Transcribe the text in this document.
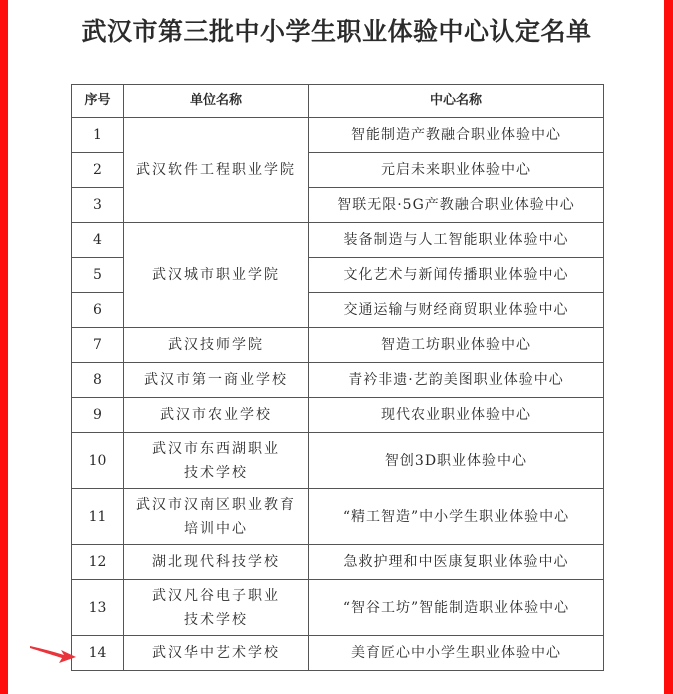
武汉市第三批中小学生职业体验中心认定名单
序号	单位名称	中心名称
1	武汉软件工程职业学院	智能制造产教融合职业体验中心
2		元启未来职业体验中心
3		智联无限·5G产教融合职业体验中心
4	武汉城市职业学院	装备制造与人工智能职业体验中心
5		文化艺术与新闻传播职业体验中心
6		交通运输与财经商贸职业体验中心
7	武汉技师学院	智造工坊职业体验中心
8	武汉市第一商业学校	青衿非遗·艺韵美图职业体验中心
9	武汉市农业学校	现代农业职业体验中心
10	武汉市东西湖职业
技术学校	智创3D职业体验中心
11	武汉市汉南区职业教育
培训中心	“精工智造”中小学生职业体验中心
12	湖北现代科技学校	急救护理和中医康复职业体验中心
13	武汉凡谷电子职业
技术学校	“智谷工坊”智能制造职业体验中心
14	武汉华中艺术学校	美育匠心中小学生职业体验中心
